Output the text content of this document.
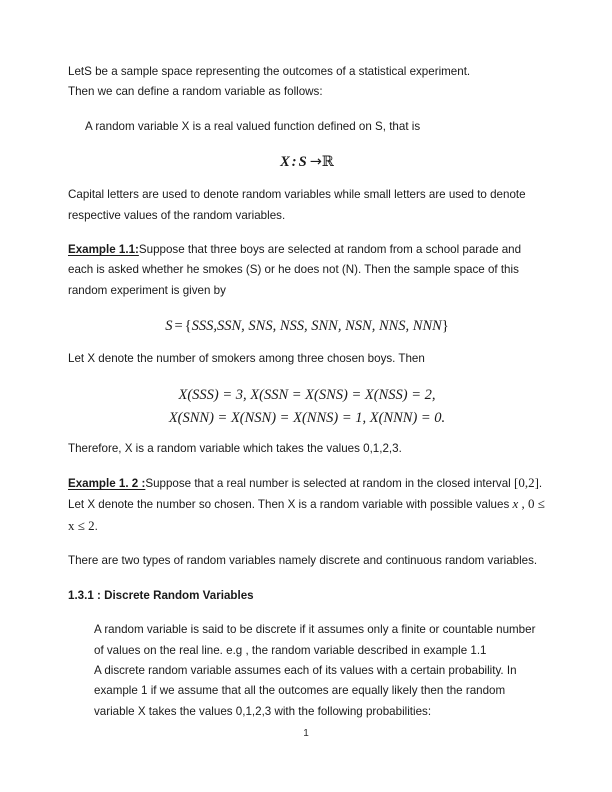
LetS be a sample space representing the outcomes of a statistical experiment.
Then we can define a random variable as follows:

A random variable X is a real valued function defined on S, that is

X : S →ℝ

Capital letters are used to denote random variables while small letters are used to denote respective values of the random variables.

Example 1.1:Suppose that three boys are selected at random from a school parade and each is asked whether he smokes (S) or he does not (N). Then the sample space of this random experiment is given by

S = {SSS,SSN, SNS, NSS, SNN, NSN, NNS, NNN}

Let X denote the number of smokers among three chosen boys. Then

X(SSS) = 3, X(SSN = X(SNS) = X(NSS) = 2,
X(SNN) = X(NSN) = X(NNS) = 1, X(NNN) = 0.

Therefore, X is a random variable which takes the values 0,1,2,3.

Example 1. 2 :Suppose that a real number is selected at random in the closed interval [0,2]. Let X denote the number so chosen. Then X is a random variable with possible values x , 0 ≤ x ≤ 2.

There are two types of random variables namely discrete and continuous random variables.

1.3.1 : Discrete Random Variables

A random variable is said to be discrete if it assumes only a finite or countable number of values on the real line. e.g , the random variable described in example 1.1

A discrete random variable assumes each of its values with a certain probability. In example 1 if we assume that all the outcomes are equally likely then the random variable X takes the values 0,1,2,3 with the following probabilities:

1
